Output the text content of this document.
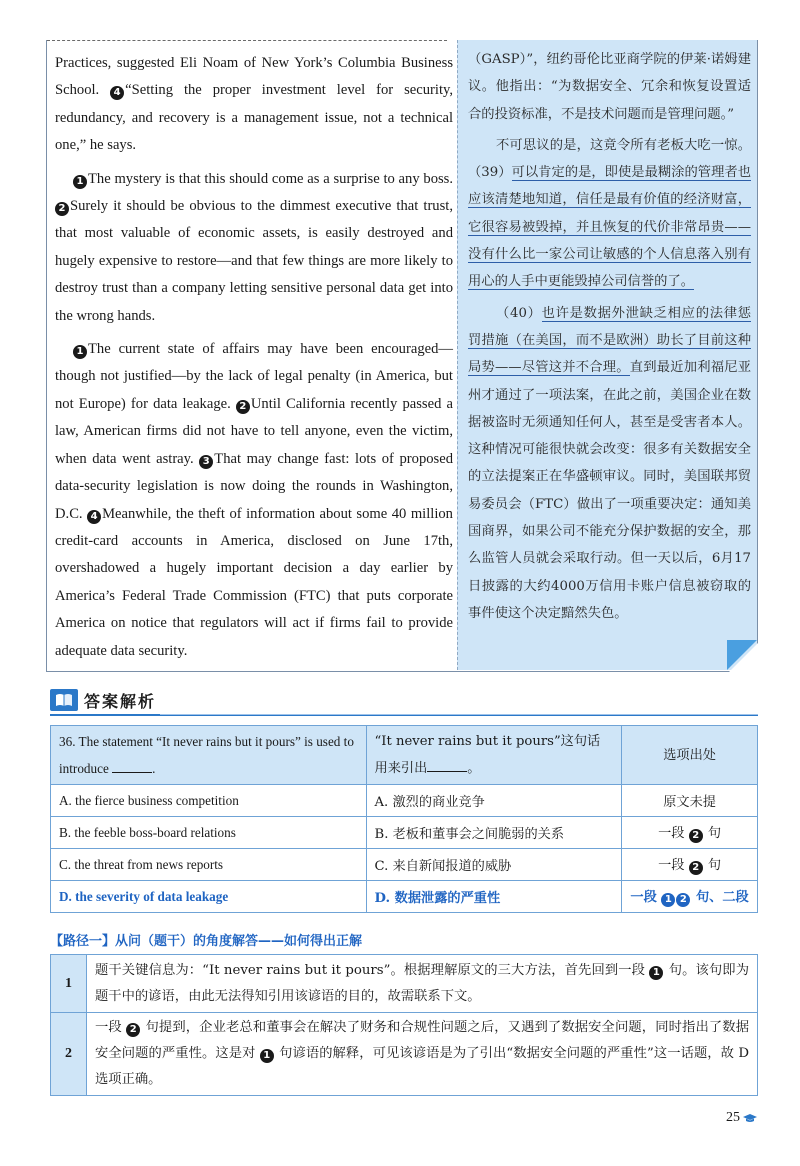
Practices, suggested Eli Noam of New York’s Columbia Business School. 4 “Setting the proper investment level for security, redundancy, and recovery is a management issue, not a technical one,” he says.

1 The mystery is that this should come as a surprise to any boss. 2 Surely it should be obvious to the dimmest executive that trust, that most valuable of economic assets, is easily destroyed and hugely expensive to restore—and that few things are more likely to destroy trust than a company letting sensitive personal data get into the wrong hands.

1 The current state of affairs may have been encouraged—though not justified—by the lack of legal penalty (in America, but not Europe) for data leakage. 2 Until California recently passed a law, American firms did not have to tell anyone, even the victim, when data went astray. 3 That may change fast: lots of proposed data-security legislation is now doing the rounds in Washington, D.C. 4 Meanwhile, the theft of information about some 40 million credit-card accounts in America, disclosed on June 17th, overshadowed a hugely important decision a day earlier by America’s Federal Trade Commission (FTC) that puts corporate America on notice that regulators will act if firms fail to provide adequate data security.

（GASP）”，纽约哥伦比亚商学院的伊莱·诺姆建议。他指出：“为数据安全、冗余和恢复设置适合的投资标准，不是技术问题而是管理问题。”

不可思议的是，这竟令所有老板大吃一惊。（39）可以肯定的是，即使是最糊涂的管理者也应该清楚地知道，信任是最有价值的经济财富，它很容易被毁掉，并且恢复的代价非常昂贵——没有什么比一家公司让敏感的个人信息落入别有用心的人手中更能毁掉公司信誉的了。

（40）也许是数据外泄缺乏相应的法律惩罚措施（在美国，而不是欧洲）助长了目前这种局势——尽管这并不合理。直到最近加利福尼亚州才通过了一项法案，在此之前，美国企业在数据被盗时无须通知任何人，甚至是受害者本人。这种情况可能很快就会改变：很多有关数据安全的立法提案正在华盛顿审议。同时，美国联邦贸易委员会（FTC）做出了一项重要决定：通知美国商界，如果公司不能充分保护数据的安全，那么监管人员就会采取行动。但一天以后，6月17日披露的大约4000万信用卡账户信息被窃取的事件使这个决定黯然失色。

答案解析
36. The statement “It never rains but it pours” is used to introduce .	“It never rains but it pours”这句话用来引出 。	选项出处
A. the fierce business competition	A. 激烈的商业竞争	原文未提
B. the feeble boss-board relations	B. 老板和董事会之间脆弱的关系	一段 2 句
C. the threat from news reports	C. 来自新闻报道的威胁	一段 2 句
D. the severity of data leakage	D. 数据泄露的严重性	一段 1 2 句、二段
【路径一】从问（题干）的角度解答——如何得出正解
1	题干关键信息为：“It never rains but it pours”。根据理解原文的三大方法，首先回到一段 1 句。该句即为题干中的谚语，由此无法得知引用该谚语的目的，故需联系下文。
2	一段 2 句提到，企业老总和董事会在解决了财务和合规性问题之后，又遇到了数据安全问题，同时指出了数据安全问题的严重性。这是对 1 句谚语的解释，可见该谚语是为了引出“数据安全问题的严重性”这一话题，故 D 选项正确。
25
